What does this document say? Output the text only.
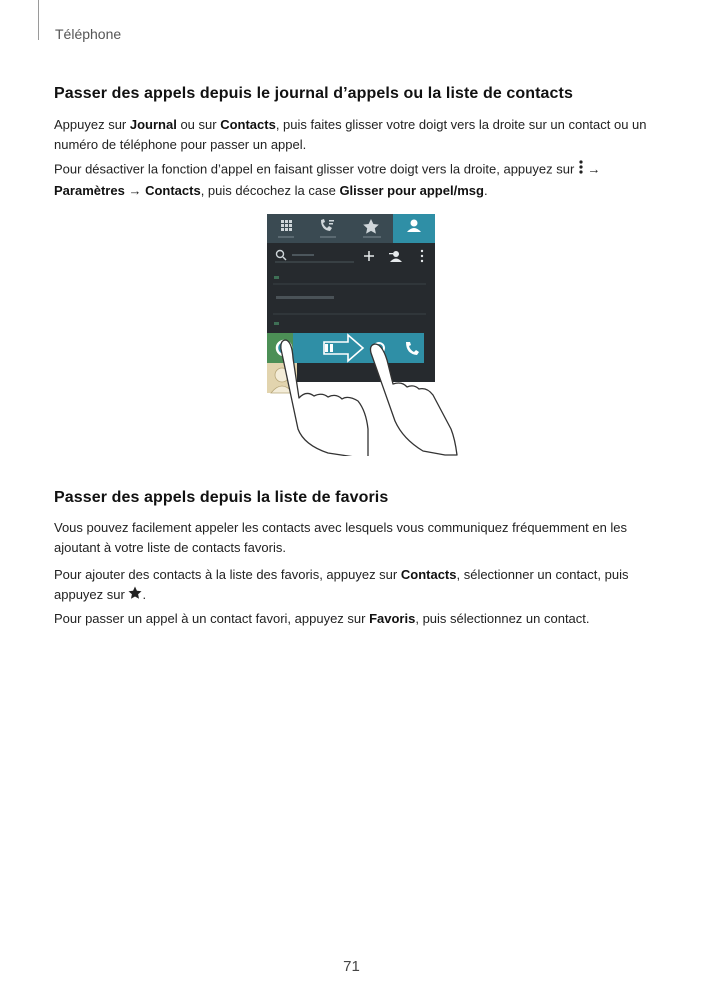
Téléphone
Passer des appels depuis le journal d’appels ou la liste de contacts
Appuyez sur Journal ou sur Contacts, puis faites glisser votre doigt vers la droite sur un contact ou un numéro de téléphone pour passer un appel.
Pour désactiver la fonction d’appel en faisant glisser votre doigt vers la droite, appuyez sur  → Paramètres → Contacts, puis décochez la case Glisser pour appel/msg.
Passer des appels depuis la liste de favoris
Vous pouvez facilement appeler les contacts avec lesquels vous communiquez fréquemment en les ajoutant à votre liste de contacts favoris.
Pour ajouter des contacts à la liste des favoris, appuyez sur Contacts, sélectionner un contact, puis appuyez sur .
Pour passer un appel à un contact favori, appuyez sur Favoris, puis sélectionnez un contact.
71
